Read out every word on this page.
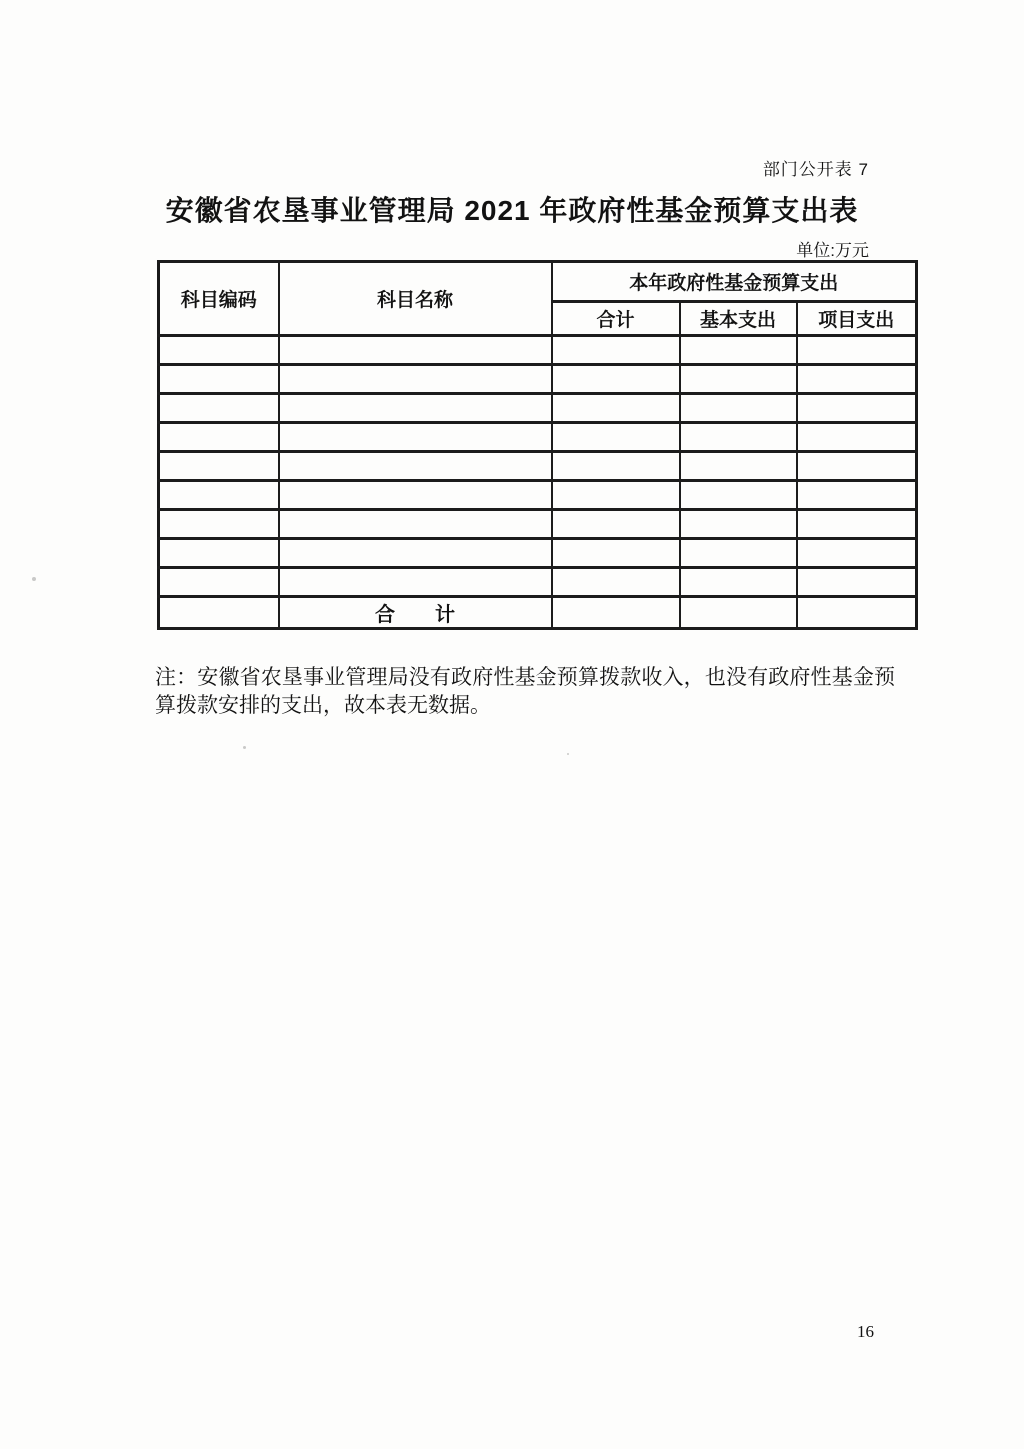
部门公开表 7
安徽省农垦事业管理局 2021 年政府性基金预算支出表
单位:万元
科目编码	科目名称	本年政府性基金预算支出		
		合计	基本支出	项目支出

	合　　计			

注：安徽省农垦事业管理局没有政府性基金预算拨款收入，也没有政府性基金预算拨款安排的支出，故本表无数据。

16
